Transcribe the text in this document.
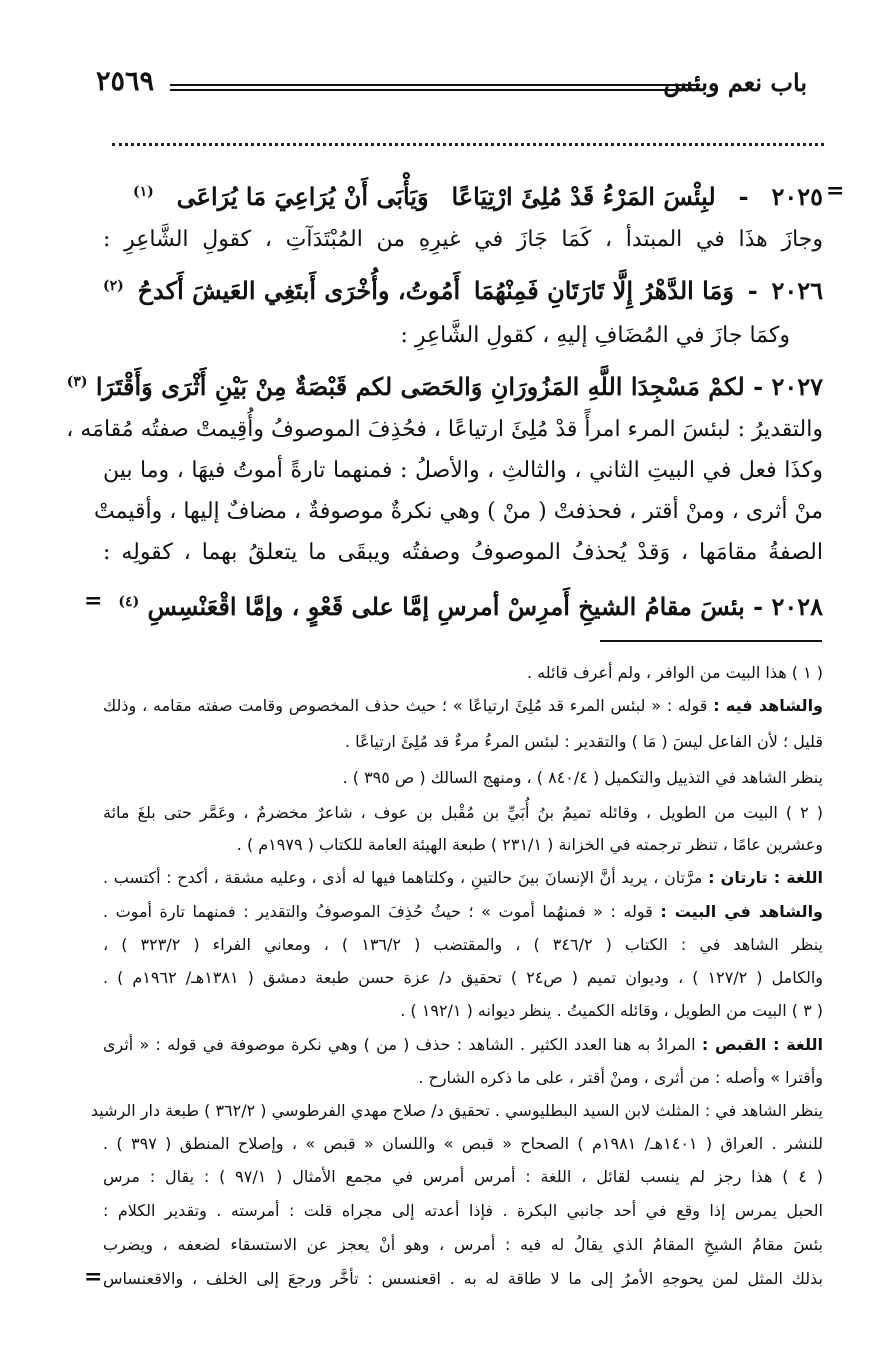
باب نعم وبئس
٢٥٦٩
=
=
=
٢٠٢٥ - لبِئْسَ المَرْءُ قَدْ مُلِئَ ارْتِيَاعًا وَيَأْبَى أَنْ يُرَاعِيَ مَا يُرَاعَى $^{(١)}$
وجازَ هذَا في المبتدأ ، كَمَا جَازَ في غيرِهِ من المُبْتَدَآتِ ، كقولِ الشَّاعِرِ :
٢٠٢٦ - وَمَا الدَّهْرُ إِلَّا تَارَتَانِ فَمِنْهُمَا أَمُوتُ، وأُخْرَى أَبتَغِي العَيشَ أَكدحُ $^{(٢)}$
وكمَا جازَ في المُضَافِ إليهِ ، كقولِ الشَّاعِرِ :
٢٠٢٧ - لكمْ مَسْجِدَا اللَّهِ المَزُورَانِ وَالحَصَى لكم قَبْصَةٌ مِنْ بَيْنِ أَثْرَى وَأَقْتَرَا $^{(٣)}$
والتقديرُ : لبئسَ المرء امرأً قدْ مُلِئَ ارتياعًا ، فحُذِفَ الموصوفُ وأُقِيمتْ صفتُه مُقامَه ،
وكذَا فعل في البيتِ الثاني ، والثالثِ ، والأصلُ : فمنهما تارةً أموتُ فيهَا ، وما بين
منْ أثرى ، ومنْ أقتر ، فحذفتْ ( منْ ) وهي نكرةٌ موصوفةٌ ، مضافٌ إليها ، وأقيمتْ
الصفةُ مقامَها ، وَقدْ يُحذفُ الموصوفُ وصفتُه ويبقَى ما يتعلقُ بهما ، كقولِه :
٢٠٢٨ - بئسَ مقامُ الشيخِ أَمرِسْ أمرسِ إمَّا على قَعْوٍ ، وإمَّا اقْعَنْسِسِ $^{(٤)}$
( ١ ) هذا البيت من الوافر ، ولم أعرف قائله .
والشاهد فيه : قوله : « لبئس المرء قد مُلِئَ ارتياعًا » ؛ حيث حذف المخصوص وقامت صفته مقامه ، وذلك
قليل ؛ لأن الفاعل ليسَ ( مَا ) والتقدير : لبئس المرءُ مرءٌ قد مُلِئَ ارتياعًا .
ينظر الشاهد في التذييل والتكميل ( ٨٤٠/٤ ) ، ومنهج السالك ( ص ٣٩٥ ) .
( ٢ ) البيت من الطويل ، وقائله تميمُ بنُ أُبَيِّ بن مُقْبل بن عوف ، شاعرٌ مخضرمٌ ، وعَمَّر حتى بلغَ مائة
وعشرين عامًا ، تنظر ترجمته في الخزانة ( ٢٣١/١ ) طبعة الهيئة العامة للكتاب ( ١٩٧٩م ) .
اللغة : تارتان : مرَّتان ، يريد أنَّ الإنسانَ بينَ حالتينِ ، وكلتاهما فيها له أذى ، وعليه مشقة ، أكدح : أكتسب .
والشاهد في البيت : قوله : « فمنهُما أموت » ؛ حيثُ حُذِفَ الموصوفُ والتقدير : فمنهما تارة أموت .
ينظر الشاهد في : الكتاب ( ٣٤٦/٢ ) ، والمقتضب ( ١٣٦/٢ ) ، ومعاني الفراء ( ٣٢٣/٢ ) ،
والكامل ( ١٢٧/٢ ) ، وديوان تميم ( ص٢٤ ) تحقيق د/ عزة حسن طبعة دمشق ( ١٣٨١هـ/ ١٩٦٢م ) .
( ٣ ) البيت من الطويل ، وقائله الكميتُ . ينظر ديوانه ( ١٩٢/١ ) .
اللغة : القبص : المرادُ به هنا العدد الكثير . الشاهد : حذف ( من ) وهي نكرة موصوفة في قوله : « أثرى
وأقترا » وأصله : من أثرى ، ومنْ أقتر ، على ما ذكره الشارح .
ينظر الشاهد في : المثلث لابن السيد البطليوسي . تحقيق د/ صلاح مهدي الفرطوسي ( ٣٦٢/٢ ) طبعة دار الرشيد
للنشر . العراق ( ١٤٠١هـ/ ١٩٨١م ) الصحاح « قبص » واللسان « قبص » ، وإصلاح المنطق ( ٣٩٧ ) .
( ٤ ) هذا رجز لم ينسب لقائل ، اللغة : أمرس أمرس في مجمع الأمثال ( ٩٧/١ ) : يقال : مرس
الحبل يمرس إذا وقع في أحد جانبي البكرة . فإذا أعدته إلى مجراه قلت : أمرسته . وتقدير الكلام :
بئسَ مقامُ الشيخِ المقامُ الذي يقالُ له فيه : أمرس ، وهو أنْ يعجز عن الاستسقاء لضعفه ، ويضرب
بذلك المثل لمن يحوجهِ الأمرُ إلى ما لا طاقة له به . اقعنسس : تأخَّر ورجعَ إلى الخلف ، والاقعنساس
